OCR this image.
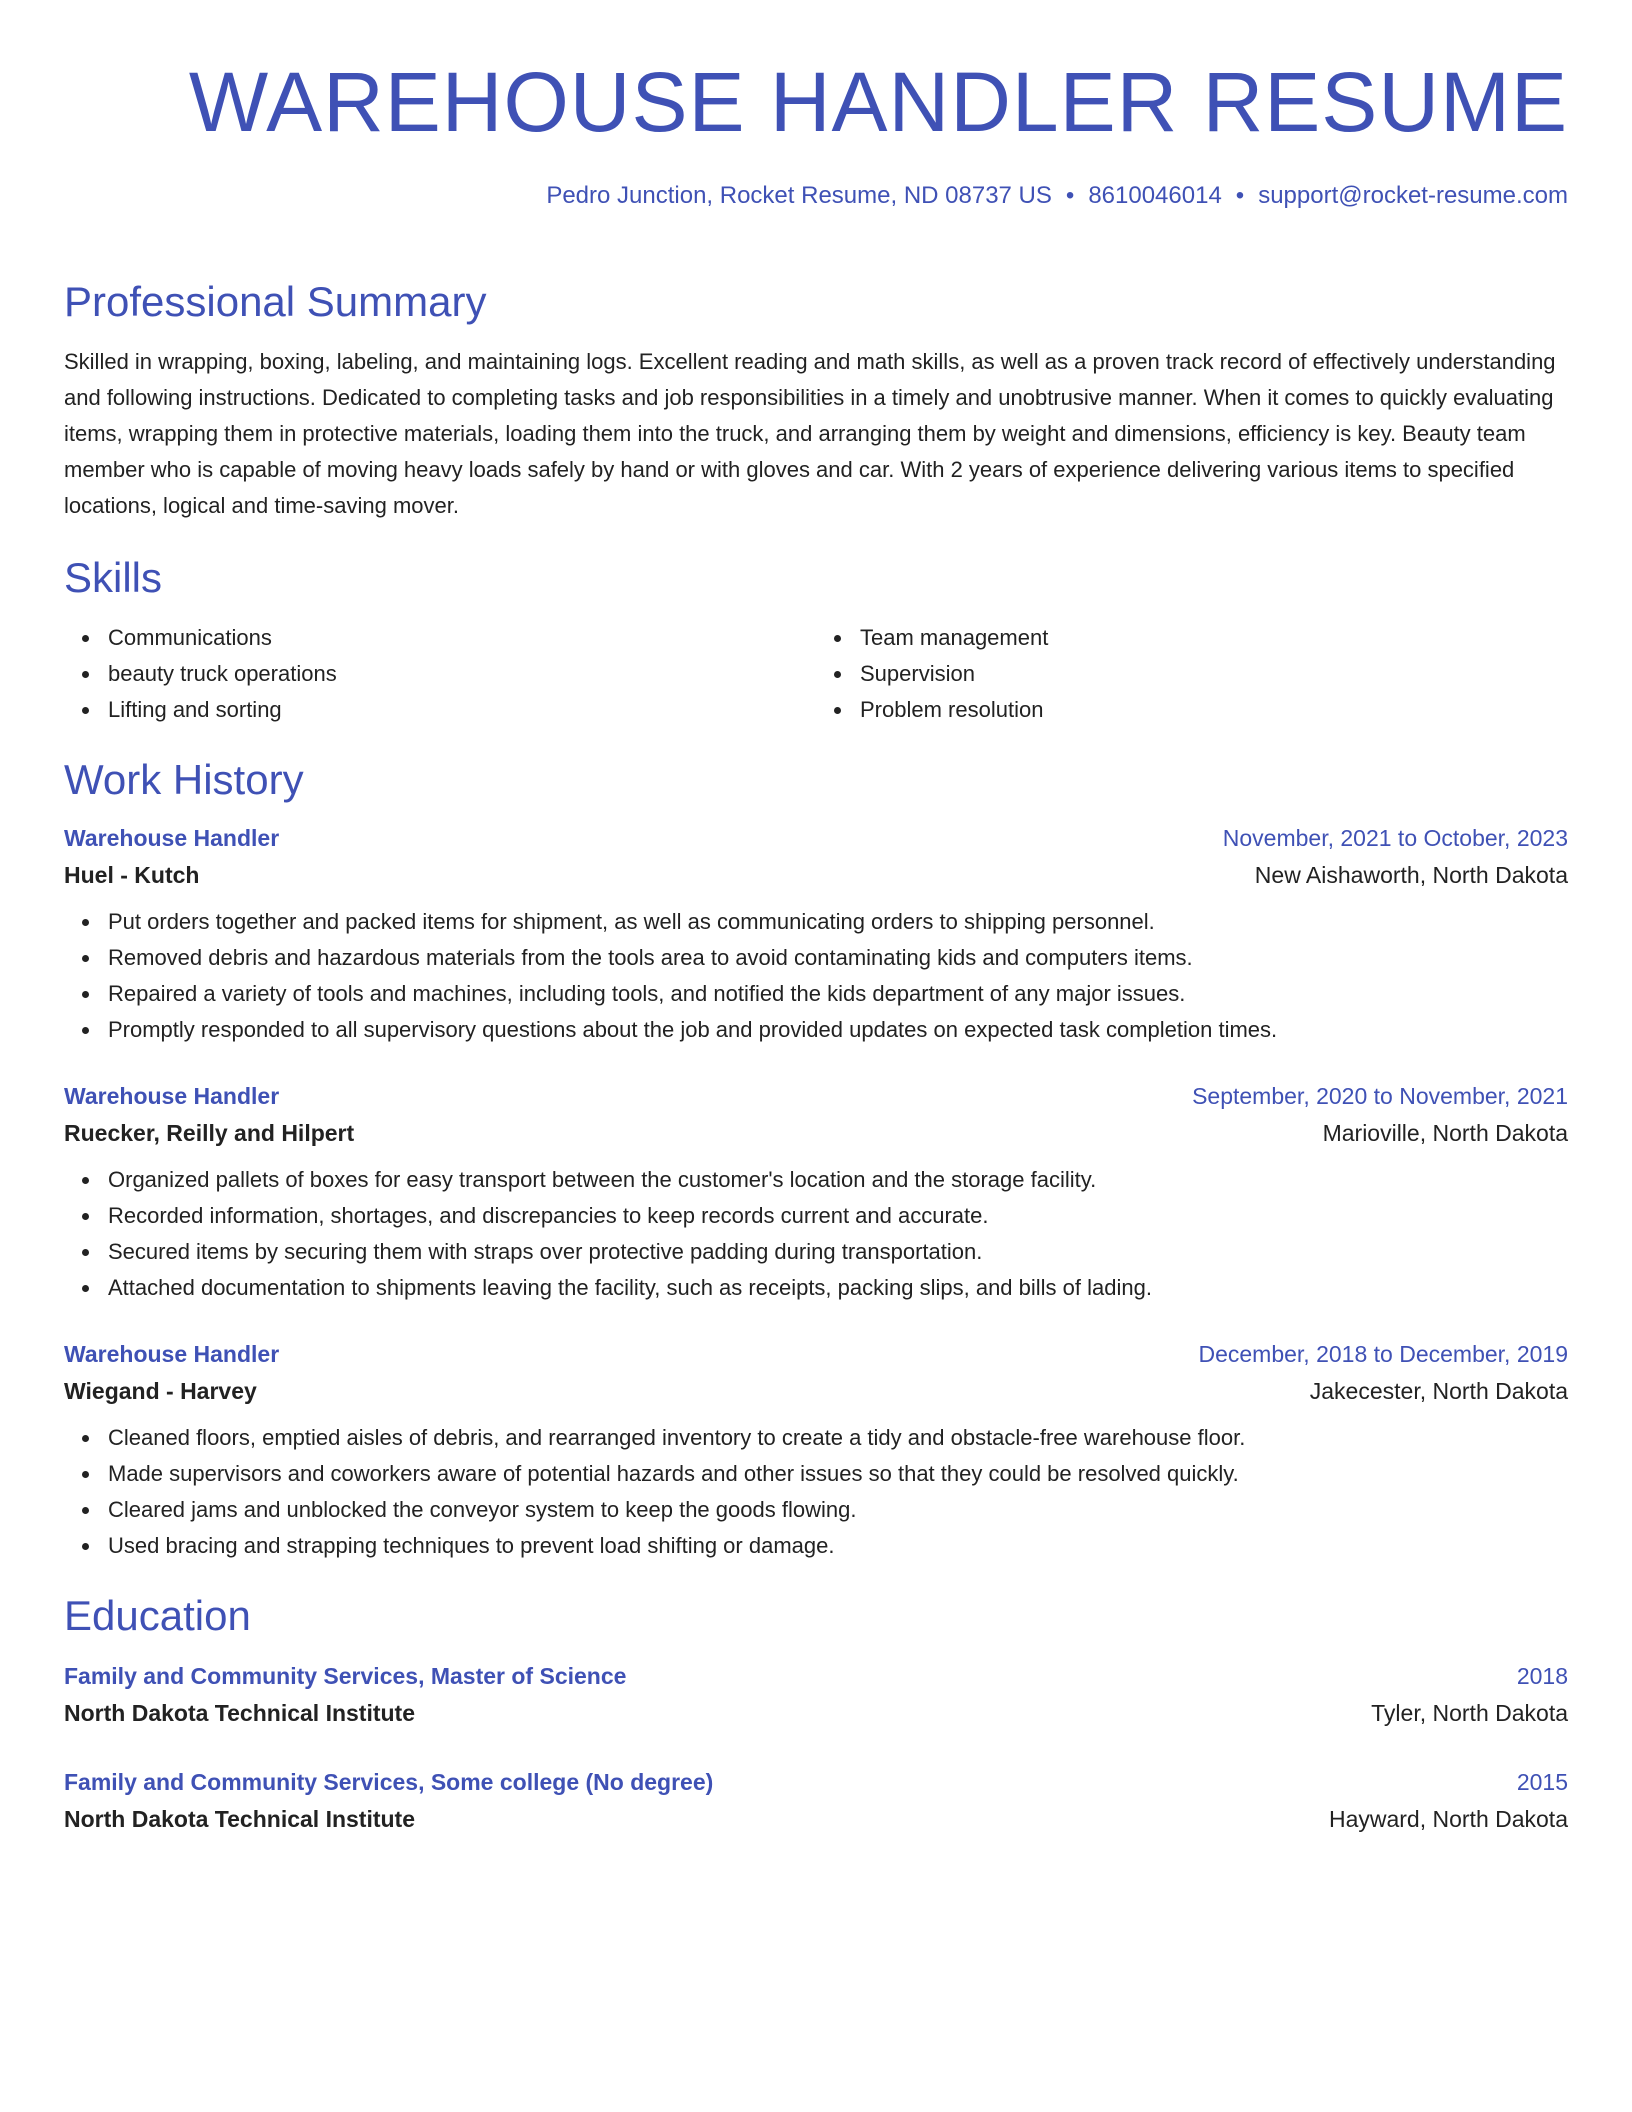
WAREHOUSE HANDLER RESUME
Pedro Junction, Rocket Resume, ND 08737 US • 8610046014 • support@rocket-resume.com
Professional Summary

Skilled in wrapping, boxing, labeling, and maintaining logs. Excellent reading and math skills, as well as a proven track record of effectively understanding and following instructions. Dedicated to completing tasks and job responsibilities in a timely and unobtrusive manner. When it comes to quickly evaluating items, wrapping them in protective materials, loading them into the truck, and arranging them by weight and dimensions, efficiency is key. Beauty team member who is capable of moving heavy loads safely by hand or with gloves and car. With 2 years of experience delivering various items to specified locations, logical and time-saving mover.

Skills
Communications
beauty truck operations
Lifting and sorting
Team management
Supervision
Problem resolution
Work History
Warehouse Handler	November, 2021 to October, 2023
Huel - Kutch	New Aishaworth, North Dakota
Put orders together and packed items for shipment, as well as communicating orders to shipping personnel.
Removed debris and hazardous materials from the tools area to avoid contaminating kids and computers items.
Repaired a variety of tools and machines, including tools, and notified the kids department of any major issues.
Promptly responded to all supervisory questions about the job and provided updates on expected task completion times.
Warehouse Handler	September, 2020 to November, 2021
Ruecker, Reilly and Hilpert	Marioville, North Dakota
Organized pallets of boxes for easy transport between the customer's location and the storage facility.
Recorded information, shortages, and discrepancies to keep records current and accurate.
Secured items by securing them with straps over protective padding during transportation.
Attached documentation to shipments leaving the facility, such as receipts, packing slips, and bills of lading.
Warehouse Handler	December, 2018 to December, 2019
Wiegand - Harvey	Jakecester, North Dakota
Cleaned floors, emptied aisles of debris, and rearranged inventory to create a tidy and obstacle-free warehouse floor.
Made supervisors and coworkers aware of potential hazards and other issues so that they could be resolved quickly.
Cleared jams and unblocked the conveyor system to keep the goods flowing.
Used bracing and strapping techniques to prevent load shifting or damage.
Education
Family and Community Services, Master of Science	2018
North Dakota Technical Institute	Tyler, North Dakota
Family and Community Services, Some college (No degree)	2015
North Dakota Technical Institute	Hayward, North Dakota
